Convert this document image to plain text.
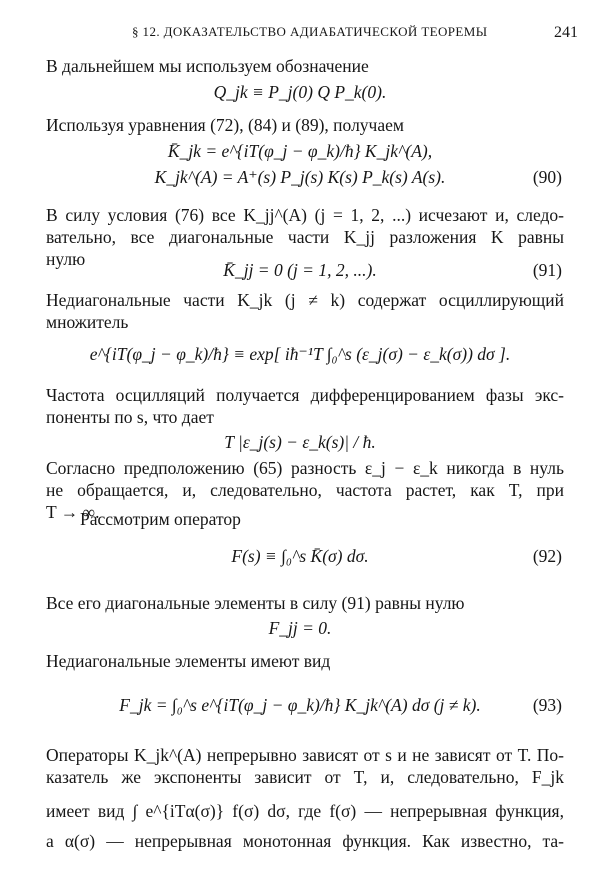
§ 12. ДОКАЗАТЕЛЬСТВО АДИАБАТИЧЕСКОЙ ТЕОРЕМЫ	241
В дальнейшем мы используем обозначение
Q_jk ≡ P_j(0) Q P_k(0).
Используя уравнения (72), (84) и (89), получаем
K̄_jk = e^{iT(φ_j − φ_k)/ħ} K_jk^(A),
K_jk^(A) = A⁺(s) P_j(s) K(s) P_k(s) A(s).	(90)
В силу условия (76) все K_jj^(A) (j = 1, 2, ...) исчезают и, следо-
вательно, все диагональные части K_jj разложения K равны
нулю
K̄_jj = 0 (j = 1, 2, ...).	(91)
Недиагональные части K_jk (j ≠ k) содержат осциллирующий
множитель
e^{iT(φ_j − φ_k)/ħ} ≡ exp[ iħ⁻¹T ∫₀^s (ε_j(σ) − ε_k(σ)) dσ ].
Частота осцилляций получается дифференцированием фазы экс-
поненты по s, что дает
T |ε_j(s) − ε_k(s)| / ħ.
Согласно предположению (65) разность ε_j − ε_k никогда в нуль
не обращается, и, следовательно, частота растет, как T, при
T → ∞.
Рассмотрим оператор
F(s) ≡ ∫₀^s K̄(σ) dσ.	(92)
Все его диагональные элементы в силу (91) равны нулю
F_jj = 0.
Недиагональные элементы имеют вид
F_jk = ∫₀^s e^{iT(φ_j − φ_k)/ħ} K_jk^(A) dσ (j ≠ k).	(93)
Операторы K_jk^(A) непрерывно зависят от s и не зависят от T. По-
казатель же экспоненты зависит от T, и, следовательно, F_jk
имеет вид ∫ e^{iTα(σ)} f(σ) dσ, где f(σ) — непрерывная функция,
а α(σ) — непрерывная монотонная функция. Как известно, та-
